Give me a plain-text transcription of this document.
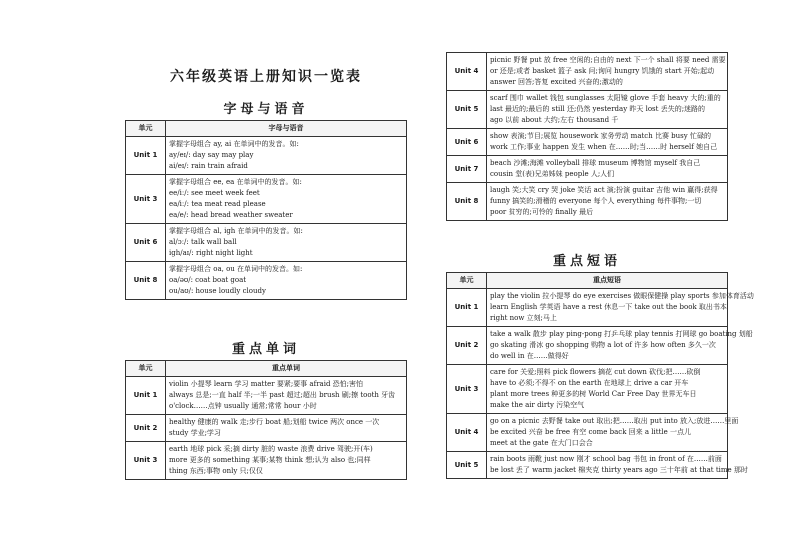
六年级英语上册知识一览表
字母与语音
单元	字母与语音
Unit 1	掌握字母组合 ay, ai 在单词中的发音。如:
ay/eɪ/: day say may play
ai/eɪ/: rain train afraid

Unit 3	掌握字母组合 ee, ea 在单词中的发音。如:
ee/iː/: see meet week feet
ea/iː/: tea meat read please
ea/e/: head bread weather sweater

Unit 6	掌握字母组合 al, igh 在单词中的发音。如:
al/ɔː/: talk wall ball
igh/aɪ/: right night light

Unit 8	掌握字母组合 oa, ou 在单词中的发音。如:
oa/əʊ/: coat boat goat
ou/aʊ/: house loudly cloudy
重点单词
单元	重点单词
Unit 1	violin 小提琴 learn 学习 matter 要紧;要事 afraid 恐怕;害怕
always 总是;一直 half 半;一半 past 超过;超出 brush 刷;擦 tooth 牙齿
o'clock……点钟 usually 通常;常常 hour 小时

Unit 2	healthy 健康的 walk 走;步行 boat 船;划船 twice 两次 once 一次
study 学业;学习

Unit 3	earth 地球 pick 采;摘 dirty 脏的 waste 浪费 drive 驾驶;开(车)
more 更多的 something 某事;某物 think 想;认为 also 也;同样
thing 东西;事物 only 只;仅仅
Unit 4	picnic 野餐 put 放 free 空闲的;自由的 next 下一个 shall 将要 need 需要
or 还是;或者 basket 篮子 ask 问;询问 hungry 饥饿的 start 开始;起动
answer 回答;答复 excited 兴奋的;激动的

Unit 5	scarf 围巾 wallet 钱包 sunglasses 太阳镜 glove 手套 heavy 大的;重的
last 最近的;最后的 still 还;仍然 yesterday 昨天 lost 丢失的;迷路的
ago 以前 about 大约;左右 thousand 千

Unit 6	show 表演;节目;展览 housework 家务劳动 match 比赛 busy 忙碌的
work 工作;事业 happen 发生 when 在……时;当……时 herself 她自己

Unit 7	beach 沙滩;海滩 volleyball 排球 museum 博物馆 myself 我自己
cousin 堂(表)兄弟姊妹 people 人;人们

Unit 8	laugh 笑;大笑 cry 哭 joke 笑话 act 演;扮演 guitar 吉他 win 赢得;获得
funny 搞笑的;滑稽的 everyone 每个人 everything 每件事物;一切
poor 贫穷的;可怜的 finally 最后
重点短语
单元	重点短语
Unit 1	play the violin 拉小提琴 do eye exercises 做眼保健操 play sports 参加体育活动
learn English 学英语 have a rest 休息一下 take out the book 取出书本
right now 立刻;马上

Unit 2	take a walk 散步 play ping-pong 打乒乓球 play tennis 打网球 go boating 划船
go skating 滑冰 go shopping 购物 a lot of 许多 how often 多久一次
do well in 在……做得好

Unit 3	care for 关爱;照料 pick flowers 摘花 cut down 砍伐;把……砍倒
have to 必须;不得不 on the earth 在地球上 drive a car 开车
plant more trees 种更多的树 World Car Free Day 世界无车日
make the air dirty 污染空气

Unit 4	go on a picnic 去野餐 take out 取出;把……取出 put into 放入;放进……里面
be excited 兴奋 be free 有空 come back 回来 a little 一点儿
meet at the gate 在大门口会合

Unit 5	rain boots 雨靴 just now 刚才 school bag 书包 in front of 在……前面
be lost 丢了 warm jacket 棉夹克 thirty years ago 三十年前 at that time 那时
